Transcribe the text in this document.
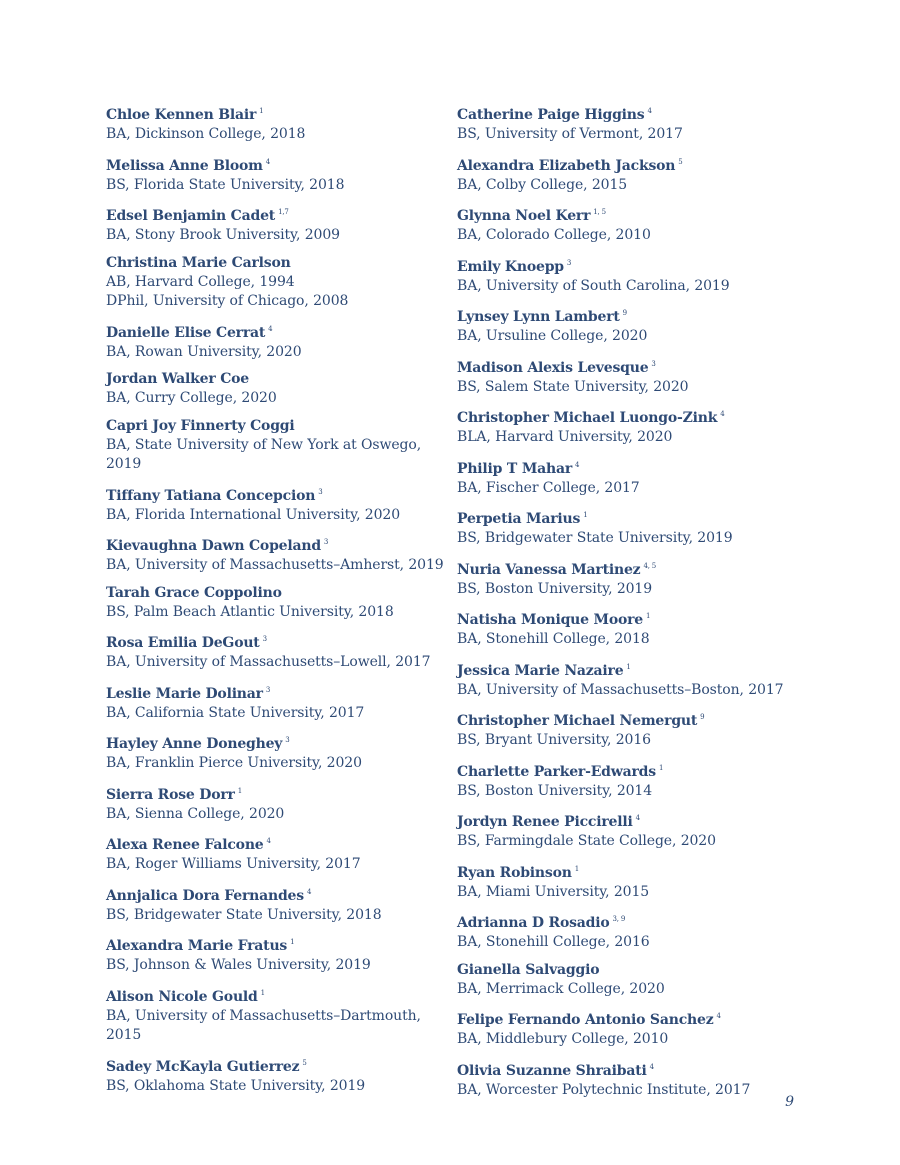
Chloe Kennen Blair $^1$
BA, Dickinson College, 2018
Melissa Anne Bloom $^4$
BS, Florida State University, 2018
Edsel Benjamin Cadet $^{1,7}$
BA, Stony Brook University, 2009
Christina Marie Carlson
AB, Harvard College, 1994
DPhil, University of Chicago, 2008
Danielle Elise Cerrat $^4$
BA, Rowan University, 2020
Jordan Walker Coe
BA, Curry College, 2020
Capri Joy Finnerty Coggi
BA, State University of New York at Oswego, 2019
Tiffany Tatiana Concepcion $^3$
BA, Florida International University, 2020
Kievaughna Dawn Copeland $^3$
BA, University of Massachusetts–Amherst, 2019
Tarah Grace Coppolino
BS, Palm Beach Atlantic University, 2018
Rosa Emilia DeGout $^3$
BA, University of Massachusetts–Lowell, 2017
Leslie Marie Dolinar $^3$
BA, California State University, 2017
Hayley Anne Doneghey $^3$
BA, Franklin Pierce University, 2020
Sierra Rose Dorr $^1$
BA, Sienna College, 2020
Alexa Renee Falcone $^4$
BA, Roger Williams University, 2017
Annjalica Dora Fernandes $^4$
BS, Bridgewater State University, 2018
Alexandra Marie Fratus $^1$
BS, Johnson & Wales University, 2019
Alison Nicole Gould $^1$
BA, University of Massachusetts–Dartmouth, 2015
Sadey McKayla Gutierrez $^5$
BS, Oklahoma State University, 2019
Catherine Paige Higgins $^4$
BS, University of Vermont, 2017
Alexandra Elizabeth Jackson $^5$
BA, Colby College, 2015
Glynna Noel Kerr $^{1, 5}$
BA, Colorado College, 2010
Emily Knoepp $^3$
BA, University of South Carolina, 2019
Lynsey Lynn Lambert $^9$
BA, Ursuline College, 2020
Madison Alexis Levesque $^3$
BS, Salem State University, 2020
Christopher Michael Luongo-Zink $^4$
BLA, Harvard University, 2020
Philip T Mahar $^4$
BA, Fischer College, 2017
Perpetia Marius $^1$
BS, Bridgewater State University, 2019
Nuria Vanessa Martinez $^{4, 5}$
BS, Boston University, 2019
Natisha Monique Moore $^1$
BA, Stonehill College, 2018
Jessica Marie Nazaire $^1$
BA, University of Massachusetts–Boston, 2017
Christopher Michael Nemergut $^9$
BS, Bryant University, 2016
Charlette Parker-Edwards $^1$
BS, Boston University, 2014
Jordyn Renee Piccirelli $^4$
BS, Farmingdale State College, 2020
Ryan Robinson $^1$
BA, Miami University, 2015
Adrianna D Rosadio $^{3, 9}$
BA, Stonehill College, 2016
Gianella Salvaggio
BA, Merrimack College, 2020
Felipe Fernando Antonio Sanchez $^4$
BA, Middlebury College, 2010
Olivia Suzanne Shraibati $^4$
BA, Worcester Polytechnic Institute, 2017
9
